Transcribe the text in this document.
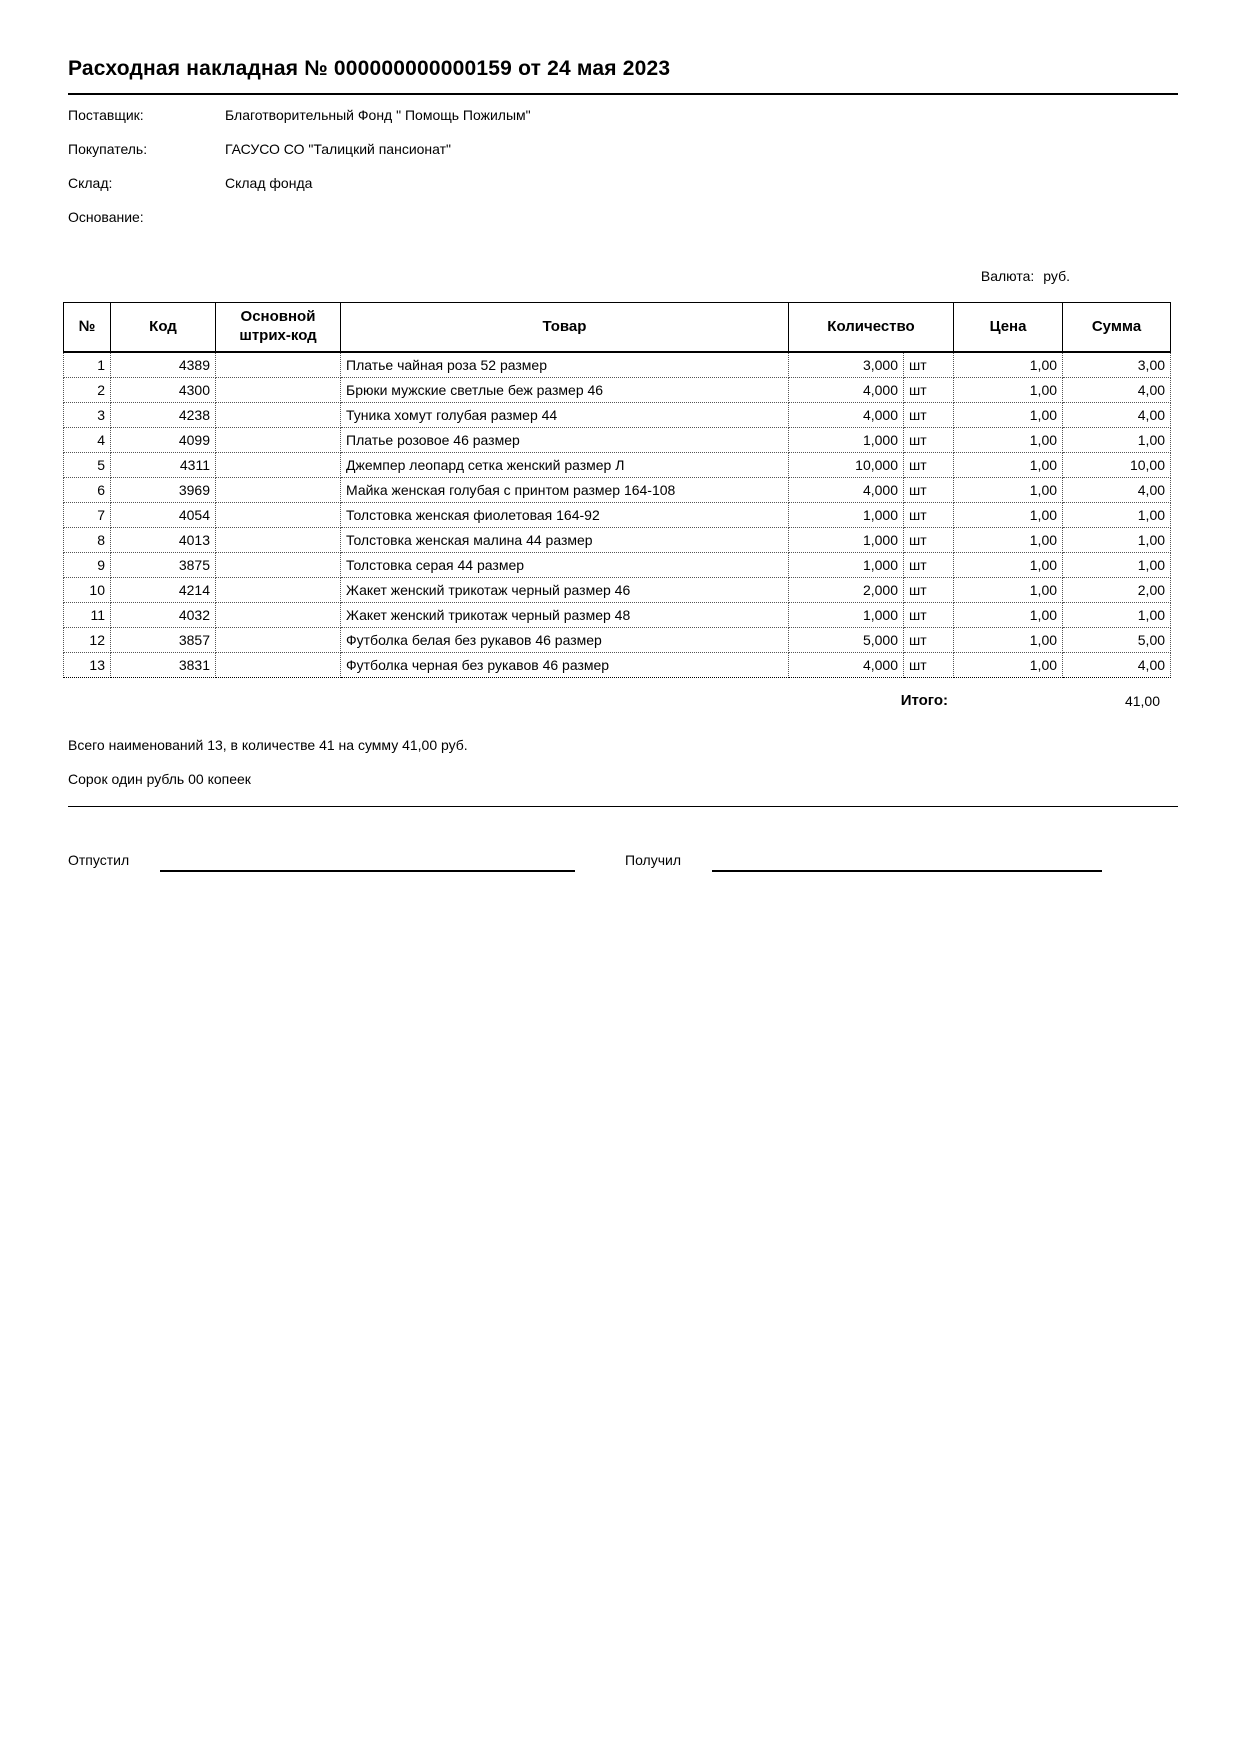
Расходная накладная № 000000000000159 от 24 мая 2023
Поставщик:	Благотворительный Фонд " Помощь Пожилым"
Покупатель:	ГАСУСО СО "Талицкий пансионат"
Склад:	Склад фонда
Основание:
Валюта: руб.
№	Код	Основной штрих-код	Товар	Количество		Цена	Сумма
1	4389		Платье чайная роза 52 размер	3,000	шт	1,00	3,00
2	4300		Брюки мужские светлые беж размер 46	4,000	шт	1,00	4,00
3	4238		Туника хомут голубая размер 44	4,000	шт	1,00	4,00
4	4099		Платье розовое 46 размер	1,000	шт	1,00	1,00
5	4311		Джемпер леопард сетка женский размер Л	10,000	шт	1,00	10,00
6	3969		Майка женская голубая с принтом размер 164-108	4,000	шт	1,00	4,00
7	4054		Толстовка женская фиолетовая 164-92	1,000	шт	1,00	1,00
8	4013		Толстовка женская малина 44 размер	1,000	шт	1,00	1,00
9	3875		Толстовка серая 44 размер	1,000	шт	1,00	1,00
10	4214		Жакет женский трикотаж черный размер 46	2,000	шт	1,00	2,00
11	4032		Жакет женский трикотаж черный размер 48	1,000	шт	1,00	1,00
12	3857		Футболка белая без рукавов 46 размер	5,000	шт	1,00	5,00
13	3831		Футболка черная без рукавов 46 размер	4,000	шт	1,00	4,00
Итого:	41,00
Всего наименований 13, в количестве 41 на сумму 41,00 руб.
Сорок один рубль 00 копеек
Отпустил	Получил
